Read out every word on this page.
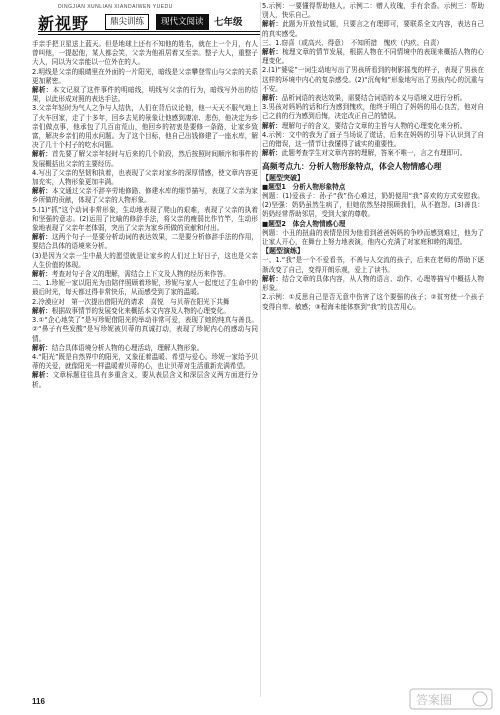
DINGJIAN XUNLIAN XIANDAIWEN YUEDU
新视野	鼎尖训练	现代文阅读	七年级

手亲手把卫星送上蓝天。但是地球上还有不知他的姓名，就在上一个月，有人曾叫他，一提起他，某人都会笑，父亲为他祖居着又至亲。整子大人，重整子大人，同以为父亲能以一位外在的人。

2.明线是父亲的眼睛里在外面的一片阳光，暗线是父亲攀登雪山与父亲的关系更加紧密。

解析：本文记叙了这件事件的明暗线，明线写父亲的行为，暗线写外出的结果，以此形成对照的表达手法。

3.父亲年轻时为气人之争与人结仇，人们在背后议论他，他一天天不服气地上了火车回家，走了十多年，回乡去见的景象让他感到凄凉、悲伤，他决定为乡亲们做点事，他承包了几百亩荒山，他回乡的初衷是要修一条路，让家乡致富，解决乡亲们的用水问题。为了这个目标，他自己出钱修建了一座水库，解决了几十个村子的吃水问题。

解析：首先要了解父亲年轻时与后来的几个阶段，然后按照时间顺序和事件的发展概括出父亲的主要经历。

4.写出了父亲的坚韧和执着，也表现了父亲对家乡的深厚情感，使文章内容更加充实，人物形象更加丰满。

解析：本文通过父亲不辞辛劳地修路、修建水库的细节描写，表现了父亲为家乡所做的贡献，体现了父亲的人物形象。

5.(1)“抓”这个动词非常形象，生动地表现了爬山的艰难，表现了父亲的执着和坚强的意志。(2)运用了比喻的修辞手法，将父亲的瘦弱比作竹竿，生动形象地表现了父亲年老体弱，突出了父亲为家乡所做的贡献和付出。

解析：这两个句子一是要分析动词的表达效果，二是要分析修辞手法的作用，要结合具体的语境来分析。

(3)是因为父亲一生中最大的愿望就是让家乡的人们过上好日子，这也是父亲人生价值的体现。

解析：考查对句子含义的理解，需结合上下文及人物的经历来作答。

二、1.珍妮一家以阳光为由陪伴照顾着珍妮，珍妮与家人一起度过了生命中的最后时光，每天都过得非常快乐，从而感受到了家的温暖。

2.冷漠应对　第一次提出借阳光的请求　喜悦　与贝蒂在阳光下共舞

解析：根据故事情节的发展变化来概括本文内容及人物的心理变化。

3.①“企心地笑了”是写珍妮借阳光的举动非常可爱，表现了她的纯真与善良。②“鼻子有些发酸”是写珍妮被贝蒂的真诚打动，表现了珍妮内心的感动与同情。

解析：结合具体语境分析人物的心理活动，理解人物形象。

4.“阳光”既是自然界中的阳光，又象征着温暖、希望与爱心。珍妮一家给予贝蒂的关爱，就像阳光一样温暖着贝蒂的心，也让贝蒂对生活重新充满希望。

解析：文章标题往往具有多重含义，要从表层含义和深层含义两方面进行分析。

5.示例：一要懂得帮助他人。示例二：赠人玫瑰，手有余香。示例三：帮助别人，快乐自己。

解析：此题为开放性试题，只要言之有理即可，要联系全文内容，表达自己的真实感受。

三、1.窃喜（或高兴、得意）　不知所措　愧疚（内疚、自责）

解析：梳理文章的情节发展，根据人物在不同情境中的表现来概括人物的心理变化。

2.(1)“婆娑”一词生动地写出了男孩所看到的树影摇曳的样子，表现了男孩在这样的环境中内心的复杂感受。(2)“沉甸甸”形象地写出了男孩内心的沉重与不安。

解析：品析词语的表达效果，需要结合词语的本义与语境义进行分析。

3.男孩对妈妈的话和行为感到愧疚，他终于明白了妈妈的用心良苦，他对自己之前的行为感到后悔，决定改正自己的错误。

解析：理解句子的含义，要结合文章的主旨与人物的心理变化来分析。

4.示例：文中的我为了面子当场说了谎话，后来在妈妈的引导下认识到了自己的错误，这一情节让我懂得了诚实的重要性。

解析：此题考查学生对文章内容的理解，答案不唯一，言之有理即可。

高频考点九：分析人物形象特点，体会人物情感心理

【题型突破】

■题型1　分析人物形象特点

例题：(1)爱孩子：孙子“我”伤心难过，奶奶便用“我”喜欢的方式安慰我。(2)坚强：奶奶虽然生病了，但她依然坚持照顾我们，从不抱怨。(3)善良：奶奶经常帮助邻居，受到大家的尊敬。

■题型2　体会人物情感心理

例题：小丑的扭曲的表情是因为他看到爸爸妈妈的争吵而感到难过，他为了让家人开心，在舞台上努力地表演，他内心充满了对家庭和睦的渴望。

【题型演练】

一、1.“我”是一个不爱看书，不善与人交流的孩子，后来在老师的帮助下逐渐改变了自己，变得开朗乐观，爱上了读书。

解析：结合文章的具体内容，从人物的语言、动作、心理等描写中概括人物形象。

2.示例：①反思自己是否无意中伤害了这个要强的孩子；②贫穷使一个孩子变得自卑、敏感；③程海未能体察到“我”的良苦用心。

116	答案圈
